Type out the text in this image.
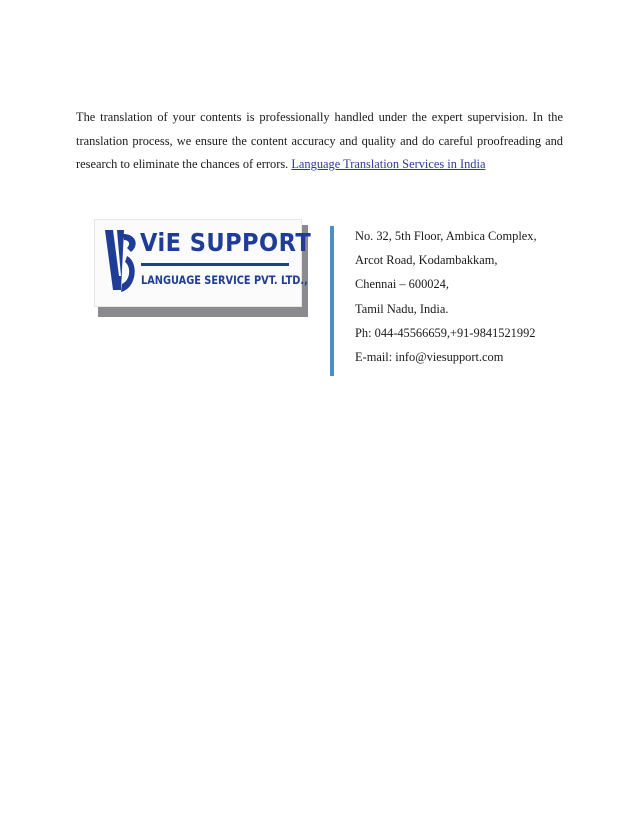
The translation of your contents is professionally handled under the expert supervision. In the translation process, we ensure the content accuracy and quality and do careful proofreading and research to eliminate the chances of errors. Language Translation Services in India

ViE SUPPORT
LANGUAGE SERVICE PVT. LTD.,
No. 32, 5th Floor, Ambica Complex,
Arcot Road, Kodambakkam,
Chennai – 600024,
Tamil Nadu, India.
Ph: 044-45566659,+91-9841521992
E-mail: info@viesupport.com
